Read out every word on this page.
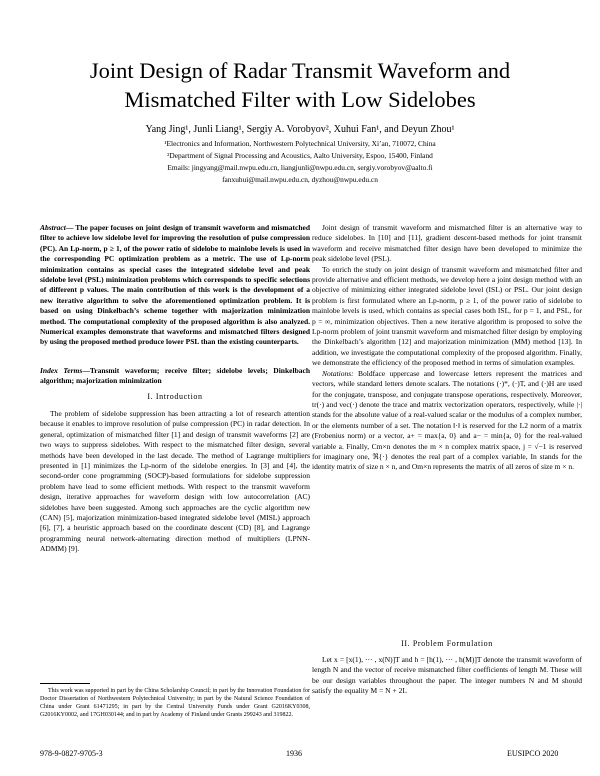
Joint Design of Radar Transmit Waveform and
Mismatched Filter with Low Sidelobes
Yang Jing¹, Junli Liang¹, Sergiy A. Vorobyov², Xuhui Fan¹, and Deyun Zhou¹
¹Electronics and Information, Northwestern Polytechnical University, Xi’an, 710072, China
²Department of Signal Processing and Acoustics, Aalto University, Espoo, 15400, Finland
Emails: jingyang@mail.nwpu.edu.cn, liangjunli@nwpu.edu.cn, sergiy.vorobyov@aalto.fi
fanxuhui@mail.nwpu.edu.cn, dyzhou@nwpu.edu.cn
Abstract— The paper focuses on joint design of transmit waveform and mismatched filter to achieve low sidelobe level for improving the resolution of pulse compression (PC). An Lp-norm, p ≥ 1, of the power ratio of sidelobe to mainlobe levels is used in the corresponding PC optimization problem as a metric. The use of Lp-norm minimization contains as special cases the integrated sidelobe level and peak sidelobe level (PSL) minimization problems which corresponds to specific selections of different p values. The main contribution of this work is the development of a new iterative algorithm to solve the aforementioned optimization problem. It is based on using Dinkelbach’s scheme together with majorization minimization method. The computational complexity of the proposed algorithm is also analyzed. Numerical examples demonstrate that waveforms and mismatched filters designed by using the proposed method produce lower PSL than the existing counterparts.
Index Terms—Transmit waveform; receive filter; sidelobe levels; Dinkelbach algorithm; majorization minimization
I. Introduction

The problem of sidelobe suppression has been attracting a lot of research attention because it enables to improve resolution of pulse compression (PC) in radar detection. In general, optimization of mismatched filter [1] and design of transmit waveforms [2] are two ways to suppress sidelobes. With respect to the mismatched filter design, several methods have been developed in the last decade. The method of Lagrange multipliers presented in [1] minimizes the Lp-norm of the sidelobe energies. In [3] and [4], the second-order cone programming (SOCP)-based formulations for sidelobe suppression problem have lead to some efficient methods. With respect to the transmit waveform design, iterative approaches for waveform design with low autocorrelation (AC) sidelobes have been suggested. Among such approaches are the cyclic algorithm new (CAN) [5], majorization minimization-based integrated sidelobe level (MISL) approach [6], [7], a heuristic approach based on the coordinate descent (CD) [8], and Lagrange programming neural network-alternating direction method of multipliers (LPNN-ADMM) [9].

This work was supported in part by the China Scholarship Council; in part by the Innovation Foundation for Doctor Dissertation of Northwestern Polytechnical University; in part by the Natural Science Foundation of China under Grant 61471295; in part by the Central University Funds under Grant G2016KY0308, G2016KY0002, and 17GH030144; and in part by Academy of Finland under Grants 299243 and 319822.

Joint design of transmit waveform and mismatched filter is an alternative way to reduce sidelobes. In [10] and [11], gradient descent-based methods for joint transmit waveform and receive mismatched filter design have been developed to minimize the peak sidelobe level (PSL).

To enrich the study on joint design of transmit waveform and mismatched filter and provide alternative and efficient methods, we develop here a joint design method with an objective of minimizing either integrated sidelobe level (ISL) or PSL. Our joint design problem is first formulated where an Lp-norm, p ≥ 1, of the power ratio of sidelobe to mainlobe levels is used, which contains as special cases both ISL, for p = 1, and PSL, for p = ∞, minimization objectives. Then a new iterative algorithm is proposed to solve the Lp-norm problem of joint transmit waveform and mismatched filter design by employing the Dinkelbach’s algorithm [12] and majorization minimization (MM) method [13]. In addition, we investigate the computational complexity of the proposed algorithm. Finally, we demonstrate the efficiency of the proposed method in terms of simulation examples.

Notations: Boldface uppercase and lowercase letters represent the matrices and vectors, while standard letters denote scalars. The notations (·)*, (·)T, and (·)H are used for the conjugate, transpose, and conjugate transpose operations, respectively. Moreover, tr(·) and vec(·) denote the trace and matrix vectorization operators, respectively, while |·| stands for the absolute value of a real-valued scalar or the modulus of a complex number, or the elements number of a set. The notation ‖·‖ is reserved for the L2 norm of a matrix (Frobenius norm) or a vector, a+ = max{a, 0} and a− = min{a, 0} for the real-valued variable a. Finally, Cm×n denotes the m × n complex matrix space, j = √−1 is reserved for imaginary one, ℜ{·} denotes the real part of a complex variable, In stands for the identity matrix of size n × n, and Om×n represents the matrix of all zeros of size m × n.

II. Problem Formulation

Let x = [x(1), ··· , x(N)]T and h = [h(1), ··· , h(M)]T denote the transmit waveform of length N and the vector of receive mismatched filter coefficients of length M. These will be our design variables throughout the paper. The integer numbers N and M should satisfy the equality M = N + 2L

978-9-0827-9705-3	1936	EUSIPCO 2020
